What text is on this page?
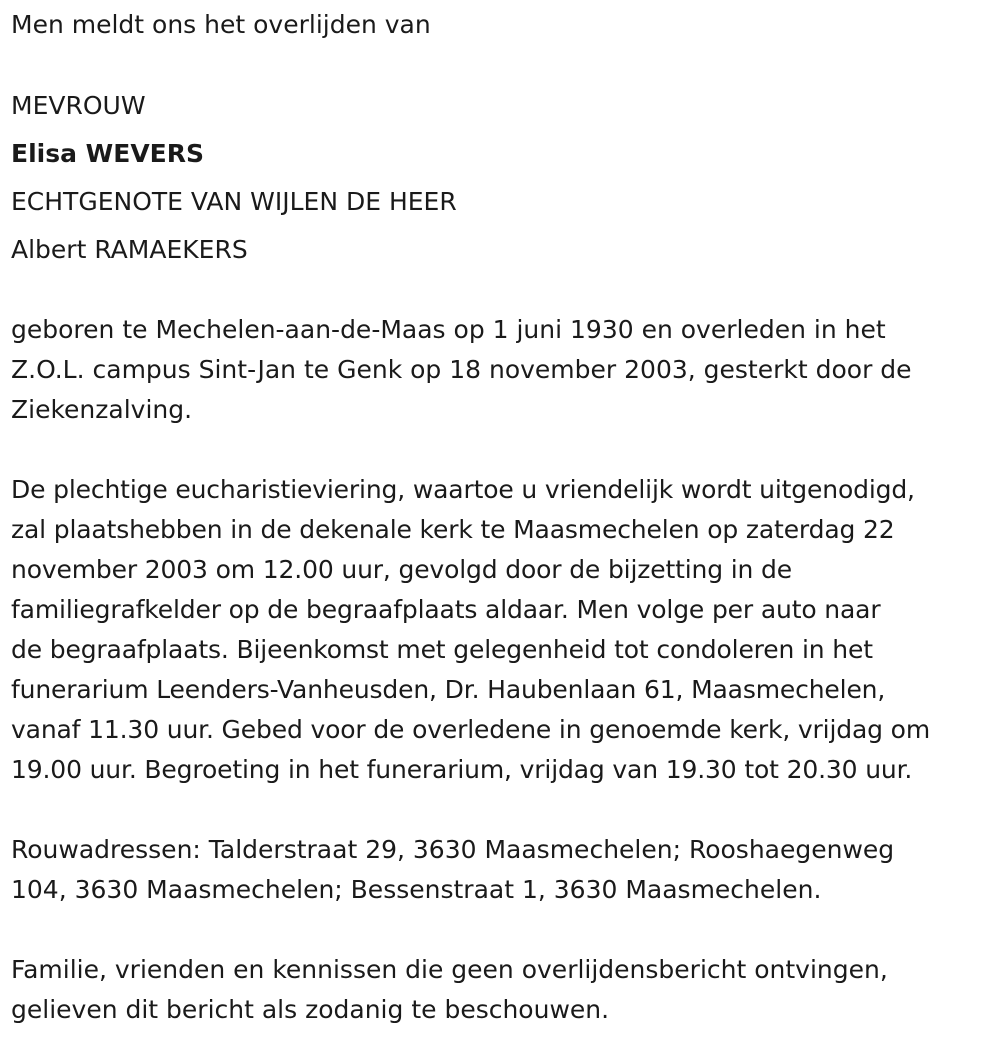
Men meldt ons het overlijden van
MEVROUW
Elisa WEVERS
ECHTGENOTE VAN WIJLEN DE HEER
Albert RAMAEKERS
geboren te Mechelen-aan-de-Maas op 1 juni 1930 en overleden in het
Z.O.L. campus Sint-Jan te Genk op 18 november 2003, gesterkt door de
Ziekenzalving.
De plechtige eucharistieviering, waartoe u vriendelijk wordt uitgenodigd,
zal plaatshebben in de dekenale kerk te Maasmechelen op zaterdag 22
november 2003 om 12.00 uur, gevolgd door de bijzetting in de
familiegrafkelder op de begraafplaats aldaar. Men volge per auto naar
de begraafplaats. Bijeenkomst met gelegenheid tot condoleren in het
funerarium Leenders-Vanheusden, Dr. Haubenlaan 61, Maasmechelen,
vanaf 11.30 uur. Gebed voor de overledene in genoemde kerk, vrijdag om
19.00 uur. Begroeting in het funerarium, vrijdag van 19.30 tot 20.30 uur.
Rouwadressen: Talderstraat 29, 3630 Maasmechelen; Rooshaegenweg
104, 3630 Maasmechelen; Bessenstraat 1, 3630 Maasmechelen.
Familie, vrienden en kennissen die geen overlijdensbericht ontvingen,
gelieven dit bericht als zodanig te beschouwen.
